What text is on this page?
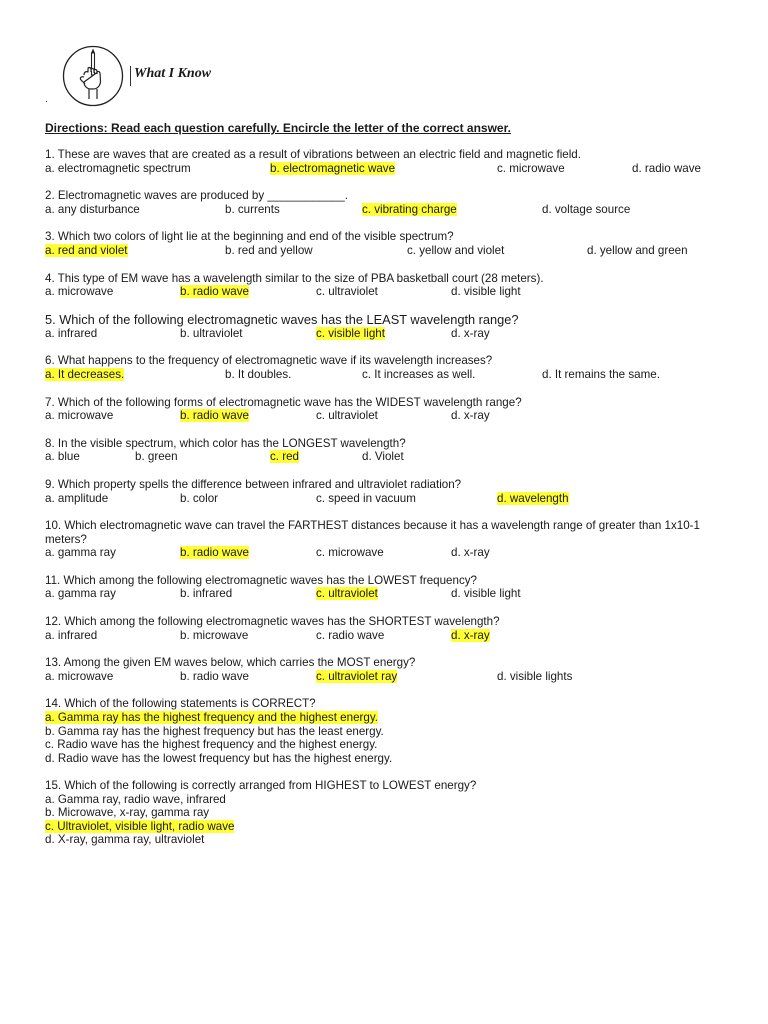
What I Know
.
Directions: Read each question carefully. Encircle the letter of the correct answer.
1. These are waves that are created as a result of vibrations between an electric field and magnetic field.
a. electromagnetic spectrum	b. electromagnetic wave	c. microwave	d. radio wave
2. Electromagnetic waves are produced by ____________.
a. any disturbance	b. currents	c. vibrating charge	d. voltage source
3. Which two colors of light lie at the beginning and end of the visible spectrum?
a. red and violet	b. red and yellow	c. yellow and violet	d. yellow and green
4. This type of EM wave has a wavelength similar to the size of PBA basketball court (28 meters).
a. microwave	b. radio wave	c. ultraviolet	d. visible light
5. Which of the following electromagnetic waves has the LEAST wavelength range?
a. infrared	b. ultraviolet	c. visible light	d. x-ray
6. What happens to the frequency of electromagnetic wave if its wavelength increases?
a. It decreases.	b. It doubles.	c. It increases as well.	d. It remains the same.
7. Which of the following forms of electromagnetic wave has the WIDEST wavelength range?
a. microwave	b. radio wave	c. ultraviolet	d. x-ray
8. In the visible spectrum, which color has the LONGEST wavelength?
a. blue	b. green	c. red	d. Violet
9. Which property spells the difference between infrared and ultraviolet radiation?
a. amplitude	b. color	c. speed in vacuum	d. wavelength
10. Which electromagnetic wave can travel the FARTHEST distances because it has a wavelength range of greater than 1x10-1 meters?
a. gamma ray	b. radio wave	c. microwave	d. x-ray
11. Which among the following electromagnetic waves has the LOWEST frequency?
a. gamma ray	b. infrared	c. ultraviolet	d. visible light
12. Which among the following electromagnetic waves has the SHORTEST wavelength?
a. infrared	b. microwave	c. radio wave	d. x-ray
13. Among the given EM waves below, which carries the MOST energy?
a. microwave	b. radio wave	c. ultraviolet ray	d. visible lights
14. Which of the following statements is CORRECT?
a. Gamma ray has the highest frequency and the highest energy.
b. Gamma ray has the highest frequency but has the least energy.
c. Radio wave has the highest frequency and the highest energy.
d. Radio wave has the lowest frequency but has the highest energy.
15. Which of the following is correctly arranged from HIGHEST to LOWEST energy?
a. Gamma ray, radio wave, infrared
b. Microwave, x-ray, gamma ray
c. Ultraviolet, visible light, radio wave
d. X-ray, gamma ray, ultraviolet
